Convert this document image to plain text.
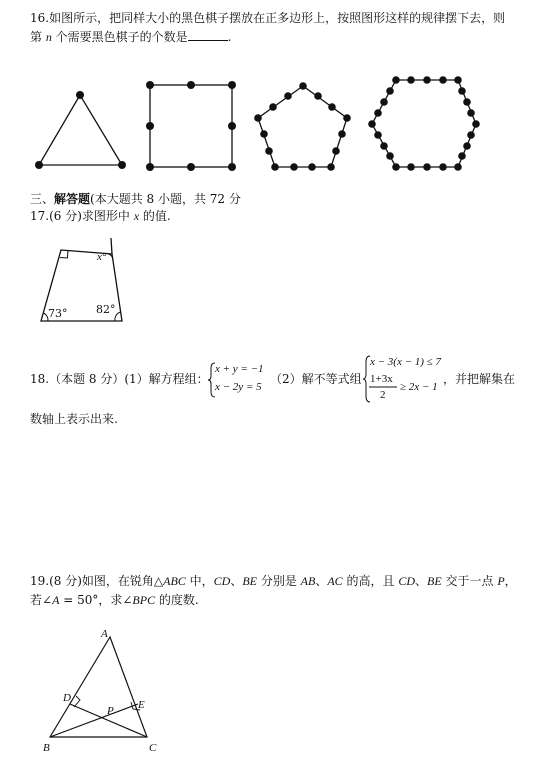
16.如图所示，把同样大小的黑色棋子摆放在正多边形上，按照图形这样的规律摆下去，则
第 n 个需要黑色棋子的个数是	.
三、解答题(本大题共 8 小题，共 72 分
17.(6 分)求图形中 x 的值.
x°
73°	82°
18.（本题 8 分）(1）解方程组：
x + y = −1
x − 2y = 5
（2）解不等式组
x − 3(x − 1) ≤ 7
1+3x
2
≥ 2x − 1
，并把解集在
数轴上表示出来.
19.(8 分)如图，在锐角△ABC 中，CD、BE 分别是 AB、AC 的高，且 CD、BE 交于一点 P，
若∠A = 50°，求∠BPC 的度数.
A
B	C
D
E
P
